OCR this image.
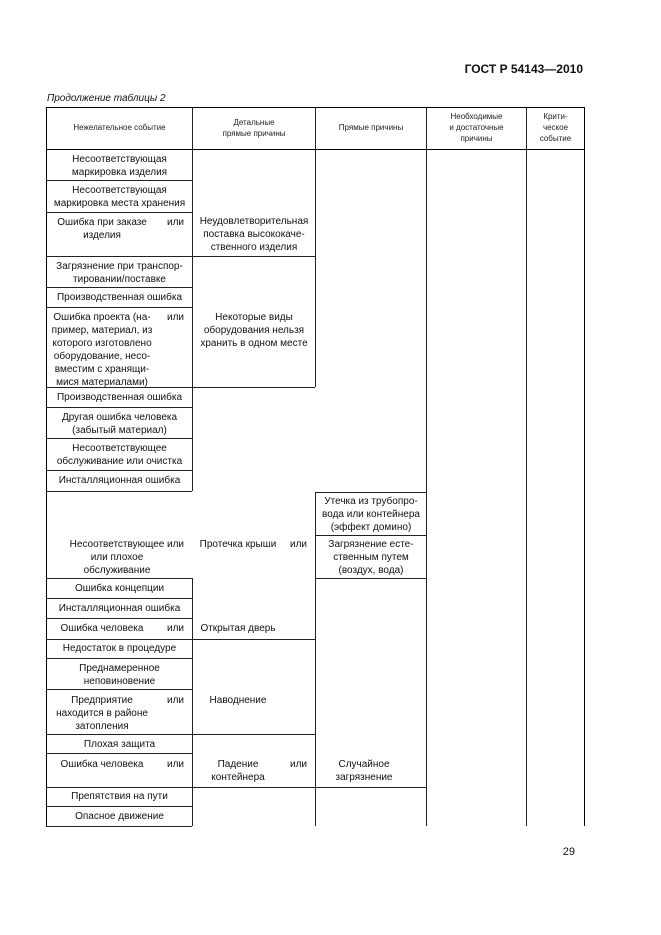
ГОСТ Р 54143—2010
Продолжение таблицы 2
Нежелательное событие
Детальные
прямые причины
Прямые причины
Необходимые
и достаточные
причины
Крити-
ческое
событие
Несоответствующая
маркировка изделия
Несоответствующая
маркировка места хранения
Ошибка при заказе
изделия
Загрязнение при транспор-
тировании/поставке
Производственная ошибка
Ошибка проекта (на-
пример, материал, из
которого изготовлено
оборудование, несо-
вместим с хранящи-
мися материалами)
Производственная ошибка
Другая ошибка человека
(забытый материал)
Несоответствующее
обслуживание или очистка
Инсталляционная ошибка
Несоответствующее
или плохое
обслуживание
Ошибка концепции
Инсталляционная ошибка
Ошибка человека
Недостаток в процедуре
Преднамеренное
неповиновение
Предприятие
находится в районе
затопления
Плохая защита
Ошибка человека
Препятствия на пути
Опасное движение
или
или
или
или
или
или
Неудовлетворительная
поставка высококаче-
ственного изделия
Некоторые виды
оборудования нельзя
хранить в одном месте
Протечка крыши
Открытая дверь
Наводнение
Падение
контейнера
или
или
Утечка из трубопро-
вода или контейнера
(эффект домино)
Загрязнение есте-
ственным путем
(воздух, вода)
Случайное
загрязнение
29
